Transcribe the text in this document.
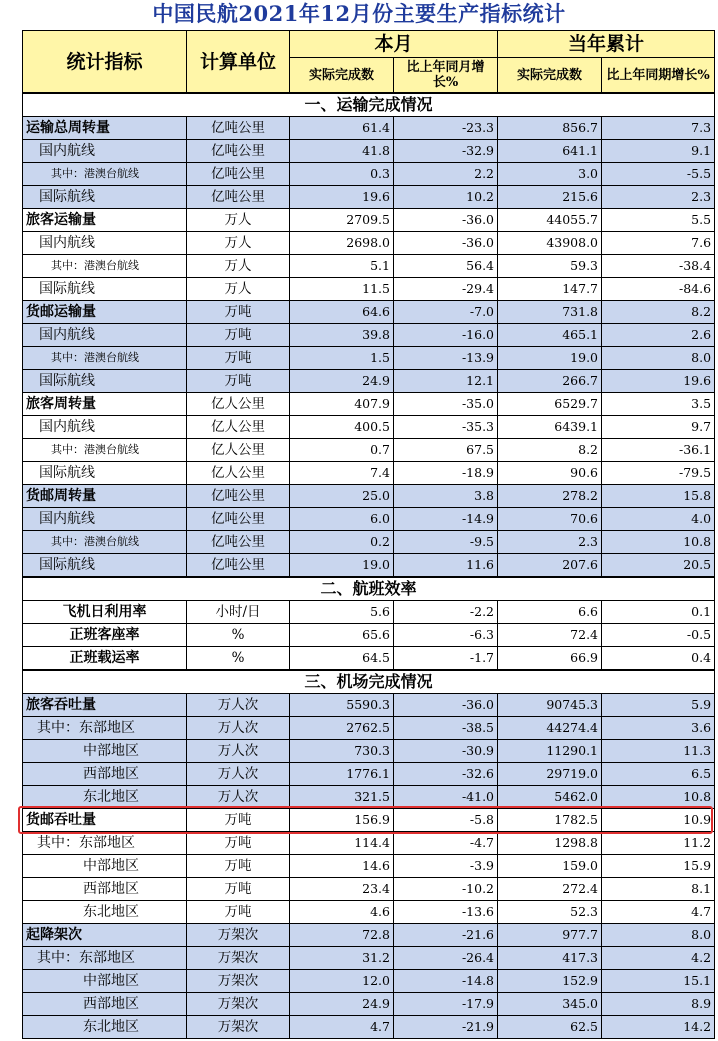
中国民航2021年12月份主要生产指标统计
统计指标	计算单位	本月		当年累计	
		实际完成数	比上年同月增长%	实际完成数	比上年同期增长%
一、运输完成情况					
运输总周转量	亿吨公里	61.4	-23.3	856.7	7.3
国内航线	亿吨公里	41.8	-32.9	641.1	9.1
其中：港澳台航线	亿吨公里	0.3	2.2	3.0	-5.5
国际航线	亿吨公里	19.6	10.2	215.6	2.3
旅客运输量	万人	2709.5	-36.0	44055.7	5.5
国内航线	万人	2698.0	-36.0	43908.0	7.6
其中：港澳台航线	万人	5.1	56.4	59.3	-38.4
国际航线	万人	11.5	-29.4	147.7	-84.6
货邮运输量	万吨	64.6	-7.0	731.8	8.2
国内航线	万吨	39.8	-16.0	465.1	2.6
其中：港澳台航线	万吨	1.5	-13.9	19.0	8.0
国际航线	万吨	24.9	12.1	266.7	19.6
旅客周转量	亿人公里	407.9	-35.0	6529.7	3.5
国内航线	亿人公里	400.5	-35.3	6439.1	9.7
其中：港澳台航线	亿人公里	0.7	67.5	8.2	-36.1
国际航线	亿人公里	7.4	-18.9	90.6	-79.5
货邮周转量	亿吨公里	25.0	3.8	278.2	15.8
国内航线	亿吨公里	6.0	-14.9	70.6	4.0
其中：港澳台航线	亿吨公里	0.2	-9.5	2.3	10.8
国际航线	亿吨公里	19.0	11.6	207.6	20.5
二、航班效率					
飞机日利用率	小时/日	5.6	-2.2	6.6	0.1
正班客座率	%	65.6	-6.3	72.4	-0.5
正班载运率	%	64.5	-1.7	66.9	0.4
三、机场完成情况					
旅客吞吐量	万人次	5590.3	-36.0	90745.3	5.9
其中：东部地区	万人次	2762.5	-38.5	44274.4	3.6
中部地区	万人次	730.3	-30.9	11290.1	11.3
西部地区	万人次	1776.1	-32.6	29719.0	6.5
东北地区	万人次	321.5	-41.0	5462.0	10.8
货邮吞吐量	万吨	156.9	-5.8	1782.5	10.9
其中：东部地区	万吨	114.4	-4.7	1298.8	11.2
中部地区	万吨	14.6	-3.9	159.0	15.9
西部地区	万吨	23.4	-10.2	272.4	8.1
东北地区	万吨	4.6	-13.6	52.3	4.7
起降架次	万架次	72.8	-21.6	977.7	8.0
其中：东部地区	万架次	31.2	-26.4	417.3	4.2
中部地区	万架次	12.0	-14.8	152.9	15.1
西部地区	万架次	24.9	-17.9	345.0	8.9
东北地区	万架次	4.7	-21.9	62.5	14.2
